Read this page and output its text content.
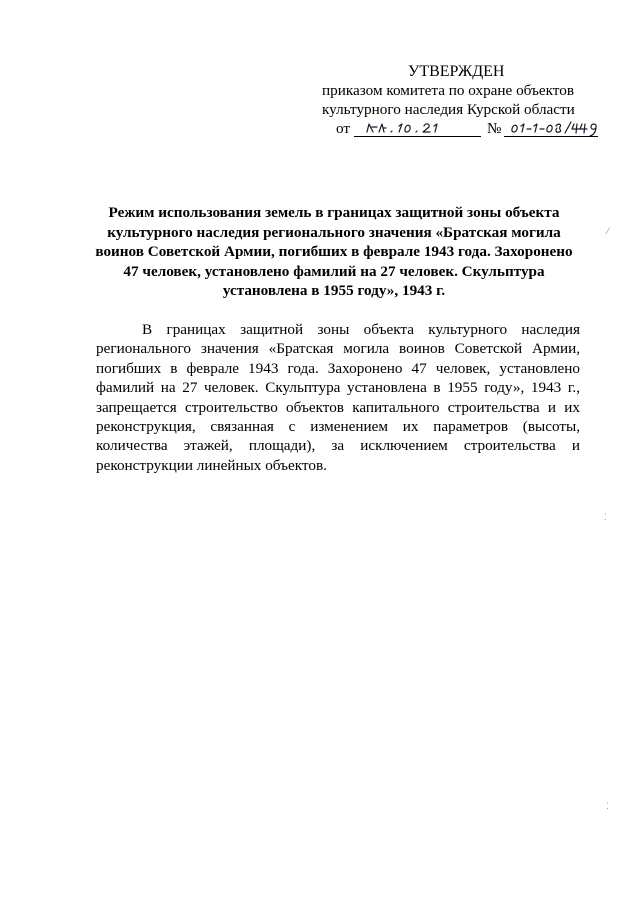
УТВЕРЖДЕН
приказом комитета по охране объектов
культурного наследия Курской области
от	№
Режим использования земель в границах защитной зоны объекта культурного наследия регионального значения «Братская могила воинов Советской Армии, погибших в феврале 1943 года. Захоронено 47 человек, установлено фамилий на 27 человек. Скульптура установлена в 1955 году», 1943 г.
В границах защитной зоны объекта культурного наследия регионального значения «Братская могила воинов Советской Армии, погибших в феврале 1943 года. Захоронено 47 человек, установлено фамилий на 27 человек. Скульптура установлена в 1955 году», 1943 г., запрещается строительство объектов капитального строительства и их реконструкция, связанная с изменением их параметров (высоты, количества этажей, площади), за исключением строительства и реконструкции линейных объектов.
⁄
⁚
⁚
